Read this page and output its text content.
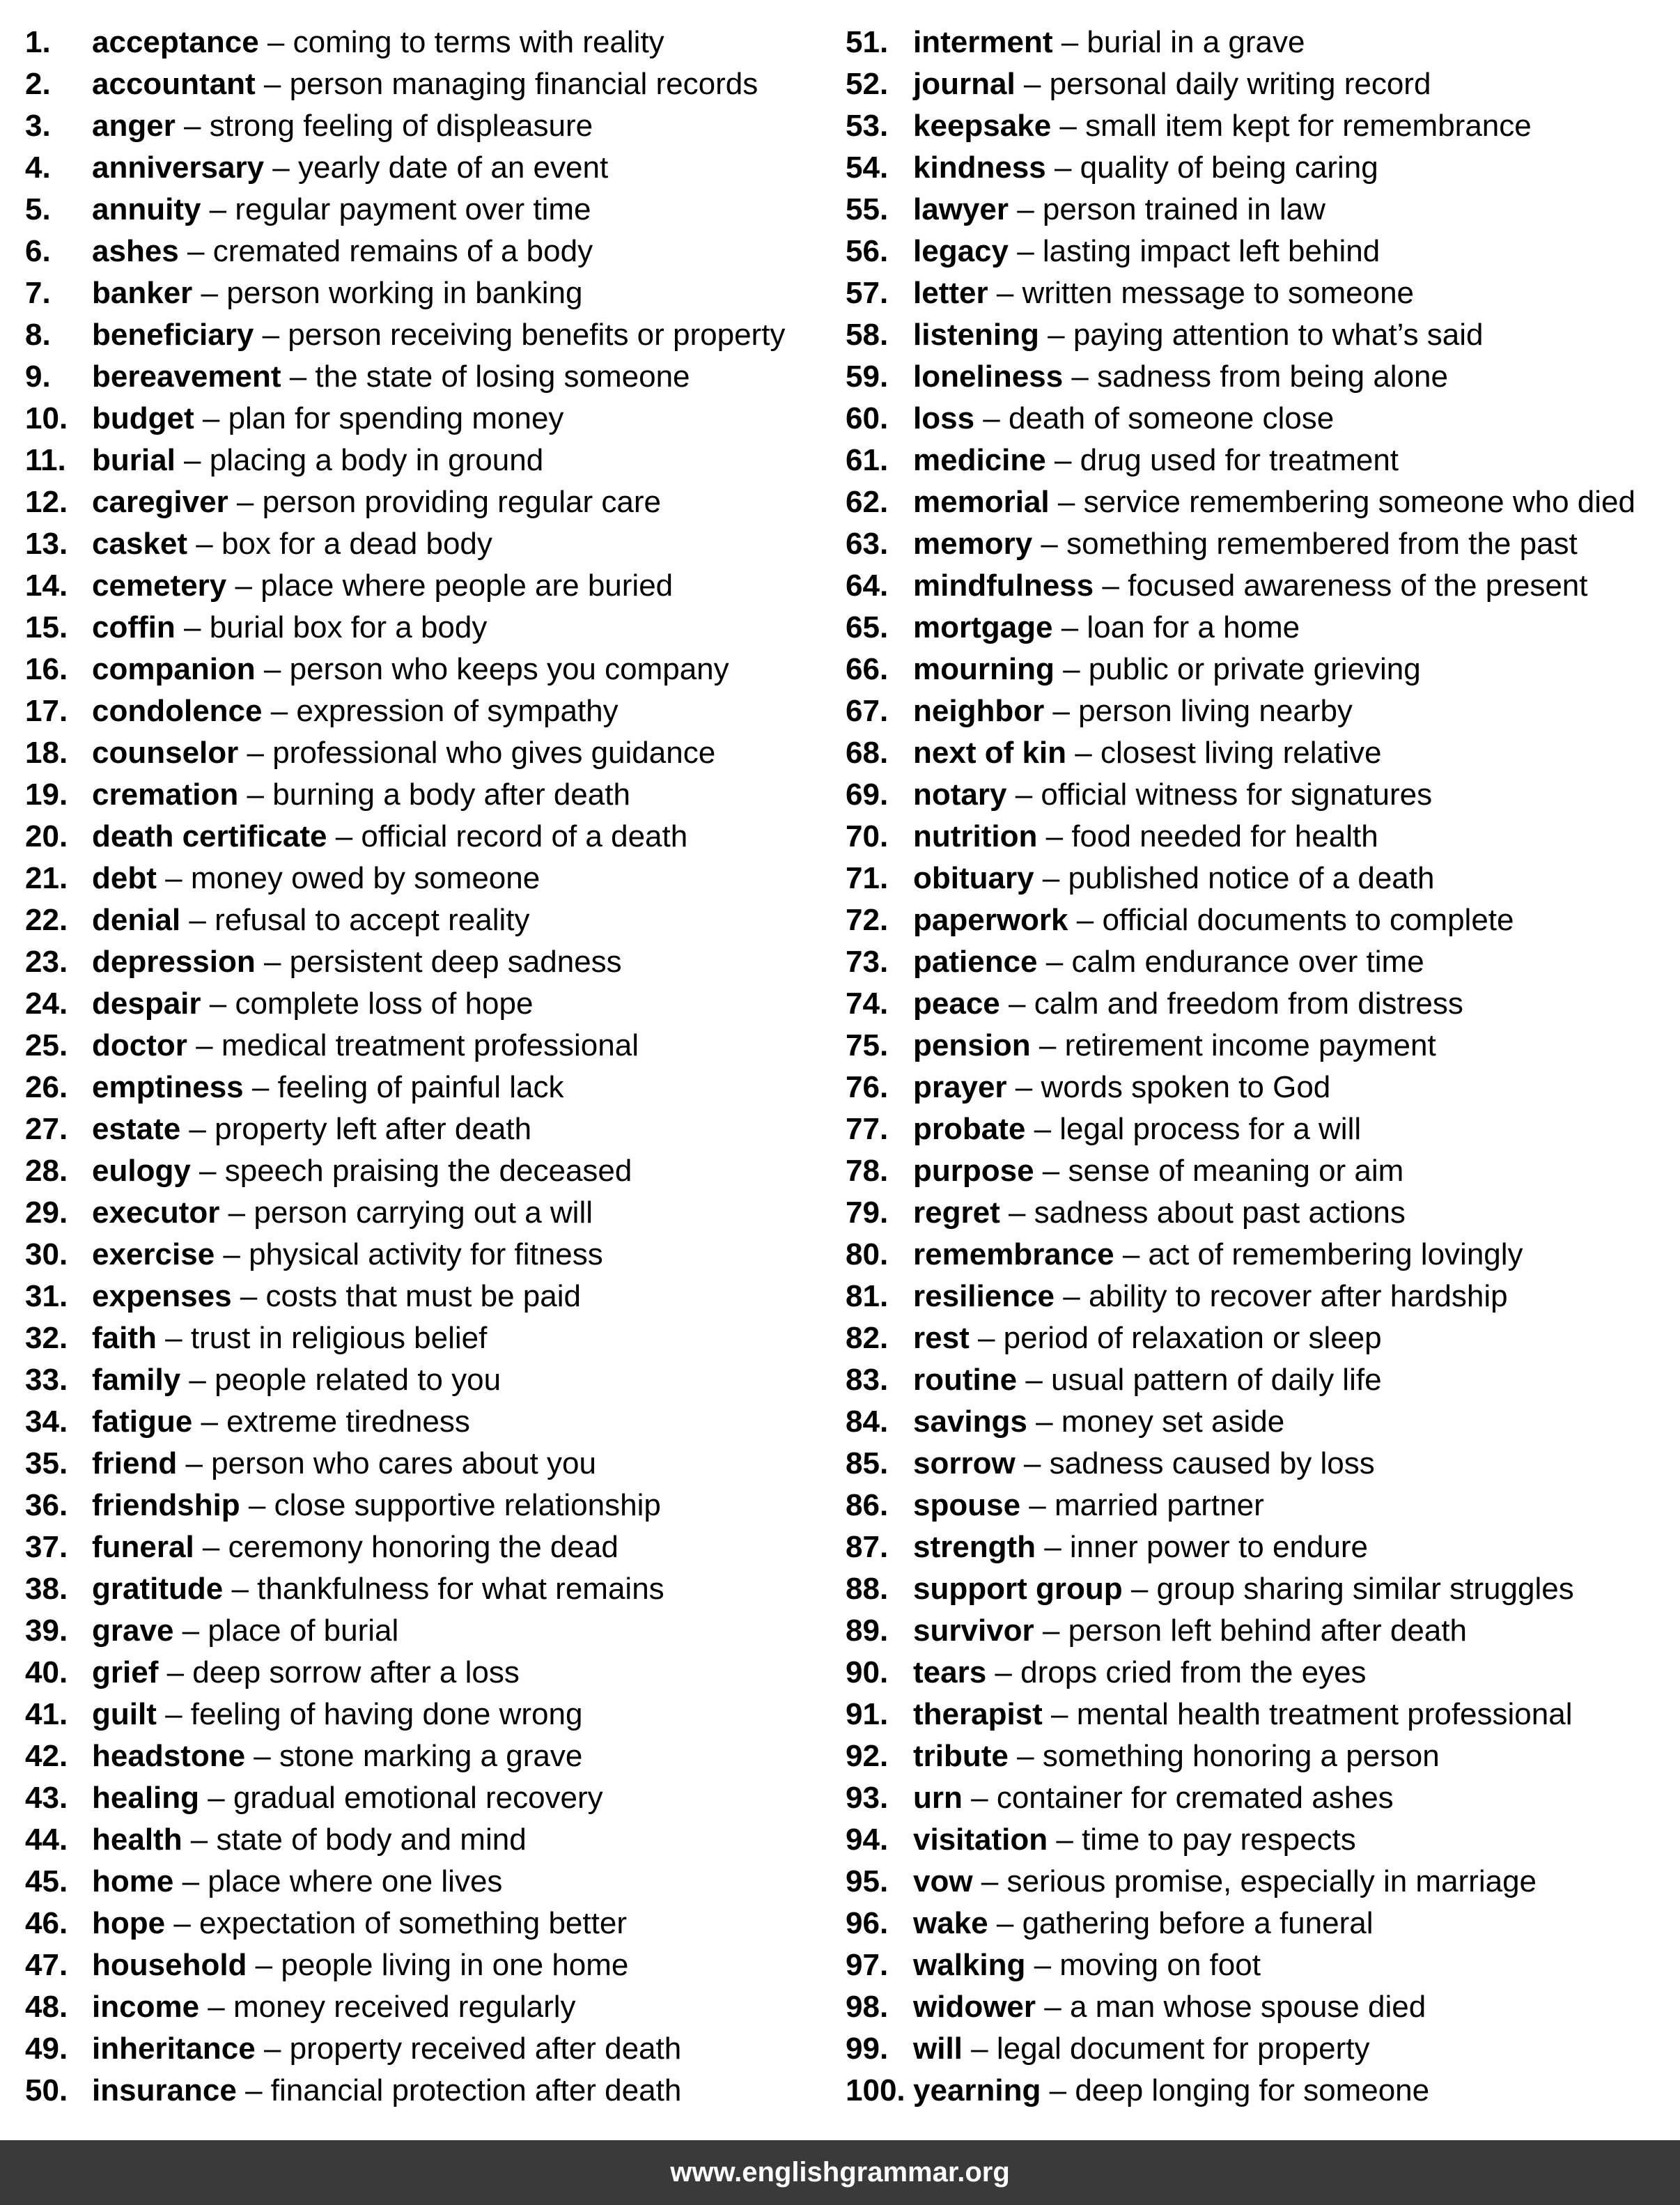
1.	acceptance – coming to terms with reality
2.	accountant – person managing financial records
3.	anger – strong feeling of displeasure
4.	anniversary – yearly date of an event
5.	annuity – regular payment over time
6.	ashes – cremated remains of a body
7.	banker – person working in banking
8.	beneficiary – person receiving benefits or property
9.	bereavement – the state of losing someone
10. budget – plan for spending money
11. burial – placing a body in ground
12. caregiver – person providing regular care
13. casket – box for a dead body
14. cemetery – place where people are buried
15. coffin – burial box for a body
16. companion – person who keeps you company
17. condolence – expression of sympathy
18. counselor – professional who gives guidance
19. cremation – burning a body after death
20. death certificate – official record of a death
21. debt – money owed by someone
22. denial – refusal to accept reality
23. depression – persistent deep sadness
24. despair – complete loss of hope
25. doctor – medical treatment professional
26. emptiness – feeling of painful lack
27. estate – property left after death
28. eulogy – speech praising the deceased
29. executor – person carrying out a will
30. exercise – physical activity for fitness
31. expenses – costs that must be paid
32. faith – trust in religious belief
33. family – people related to you
34. fatigue – extreme tiredness
35. friend – person who cares about you
36. friendship – close supportive relationship
37. funeral – ceremony honoring the dead
38. gratitude – thankfulness for what remains
39. grave – place of burial
40. grief – deep sorrow after a loss
41. guilt – feeling of having done wrong
42. headstone – stone marking a grave
43. healing – gradual emotional recovery
44. health – state of body and mind
45. home – place where one lives
46. hope – expectation of something better
47. household – people living in one home
48. income – money received regularly
49. inheritance – property received after death
50. insurance – financial protection after death
51. interment – burial in a grave
52. journal – personal daily writing record
53. keepsake – small item kept for remembrance
54. kindness – quality of being caring
55. lawyer – person trained in law
56. legacy – lasting impact left behind
57. letter – written message to someone
58. listening – paying attention to what’s said
59. loneliness – sadness from being alone
60. loss – death of someone close
61. medicine – drug used for treatment
62. memorial – service remembering someone who died
63. memory – something remembered from the past
64. mindfulness – focused awareness of the present
65. mortgage – loan for a home
66. mourning – public or private grieving
67. neighbor – person living nearby
68. next of kin – closest living relative
69. notary – official witness for signatures
70. nutrition – food needed for health
71. obituary – published notice of a death
72. paperwork – official documents to complete
73. patience – calm endurance over time
74. peace – calm and freedom from distress
75. pension – retirement income payment
76. prayer – words spoken to God
77. probate – legal process for a will
78. purpose – sense of meaning or aim
79. regret – sadness about past actions
80. remembrance – act of remembering lovingly
81. resilience – ability to recover after hardship
82. rest – period of relaxation or sleep
83. routine – usual pattern of daily life
84. savings – money set aside
85. sorrow – sadness caused by loss
86. spouse – married partner
87. strength – inner power to endure
88. support group – group sharing similar struggles
89. survivor – person left behind after death
90. tears – drops cried from the eyes
91. therapist – mental health treatment professional
92. tribute – something honoring a person
93. urn – container for cremated ashes
94. visitation – time to pay respects
95. vow – serious promise, especially in marriage
96. wake – gathering before a funeral
97. walking – moving on foot
98. widower – a man whose spouse died
99. will – legal document for property
100. yearning – deep longing for someone
www.englishgrammar.org
